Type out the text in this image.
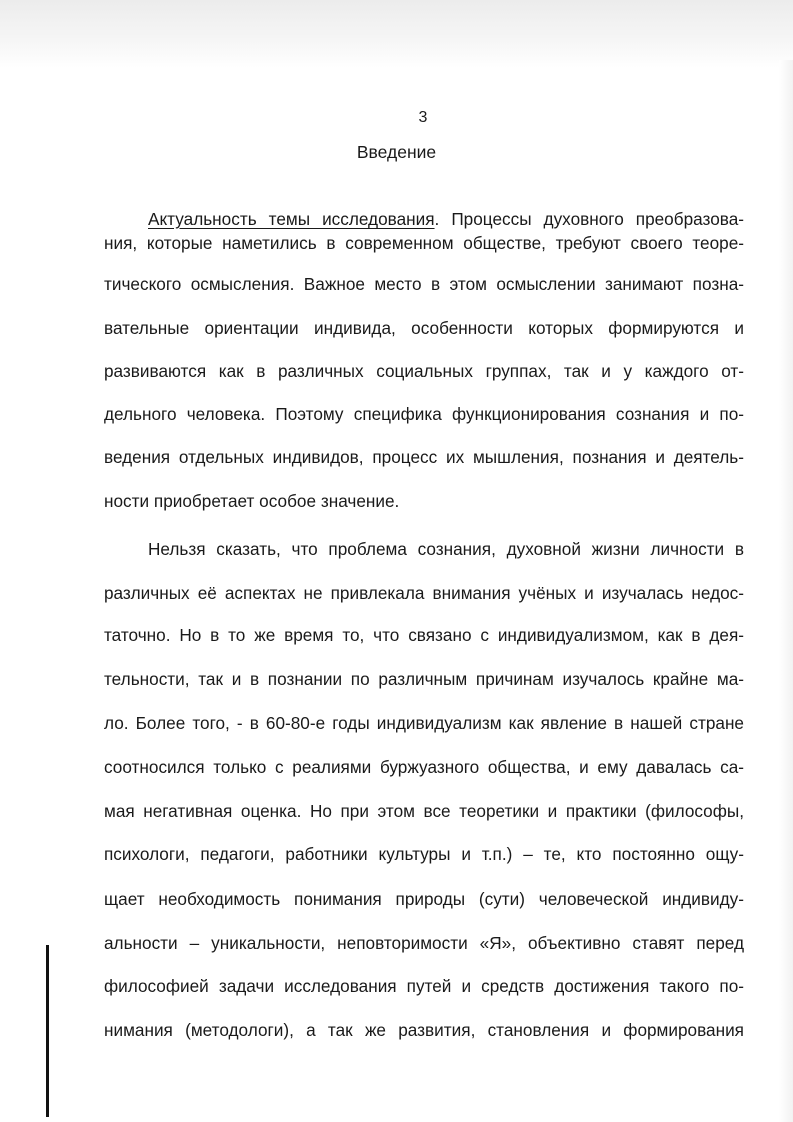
3
Введение
Актуальность темы исследования. Процессы духовного преобразова-
ния, которые наметились в современном обществе, требуют своего теоре-
тического осмысления. Важное место в этом осмыслении занимают позна-
вательные ориентации индивида, особенности которых формируются и
развиваются как в различных социальных группах, так и у каждого от-
дельного человека. Поэтому специфика функционирования сознания и по-
ведения отдельных индивидов, процесс их мышления, познания и деятель-
ности приобретает особое значение.
Нельзя сказать, что проблема сознания, духовной жизни личности в
различных её аспектах не привлекала внимания учёных и изучалась недос-
таточно. Но в то же время то, что связано с индивидуализмом, как в дея-
тельности, так и в познании по различным причинам изучалось крайне ма-
ло. Более того, - в 60-80-е годы индивидуализм как явление в нашей стране
соотносился только с реалиями буржуазного общества, и ему давалась са-
мая негативная оценка. Но при этом все теоретики и практики (философы,
психологи, педагоги, работники культуры и т.п.) – те, кто постоянно ощу-
щает необходимость понимания природы (сути) человеческой индивиду-
альности – уникальности, неповторимости «Я», объективно ставят перед
философией задачи исследования путей и средств достижения такого по-
нимания (методологи), а так же развития, становления и формирования
